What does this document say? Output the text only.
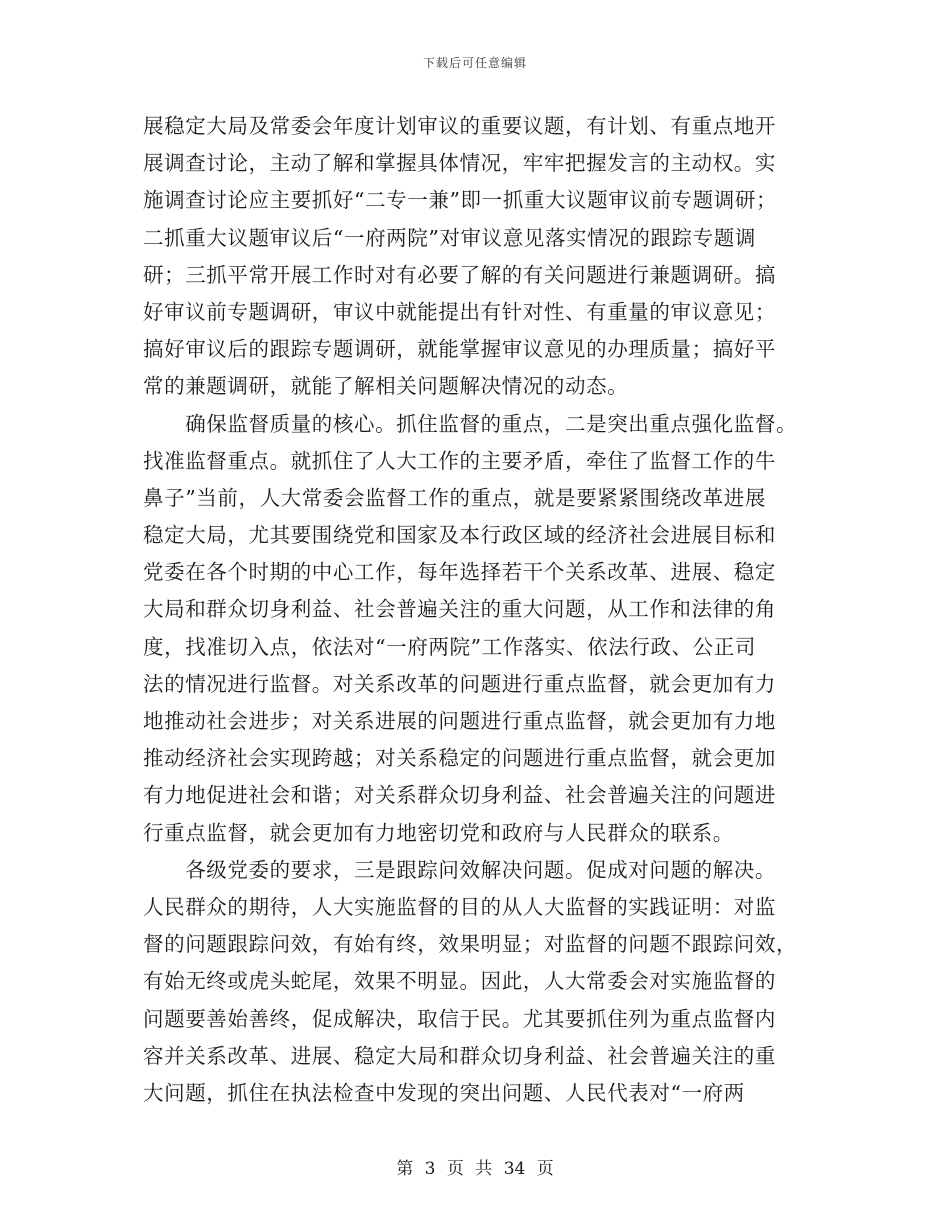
下载后可任意编辑
展稳定大局及常委会年度计划审议的重要议题，有计划、有重点地开
展调查讨论，主动了解和掌握具体情况，牢牢把握发言的主动权。实
施调查讨论应主要抓好“二专一兼”即一抓重大议题审议前专题调研；
二抓重大议题审议后“一府两院”对审议意见落实情况的跟踪专题调
研；三抓平常开展工作时对有必要了解的有关问题进行兼题调研。搞
好审议前专题调研，审议中就能提出有针对性、有重量的审议意见；
搞好审议后的跟踪专题调研，就能掌握审议意见的办理质量；搞好平
常的兼题调研，就能了解相关问题解决情况的动态。
　　确保监督质量的核心。抓住监督的重点，二是突出重点强化监督。
找准监督重点。就抓住了人大工作的主要矛盾，牵住了监督工作的牛
鼻子”当前，人大常委会监督工作的重点，就是要紧紧围绕改革进展
稳定大局，尤其要围绕党和国家及本行政区域的经济社会进展目标和
党委在各个时期的中心工作，每年选择若干个关系改革、进展、稳定
大局和群众切身利益、社会普遍关注的重大问题，从工作和法律的角
度，找准切入点，依法对“一府两院”工作落实、依法行政、公正司
法的情况进行监督。对关系改革的问题进行重点监督，就会更加有力
地推动社会进步；对关系进展的问题进行重点监督，就会更加有力地
推动经济社会实现跨越；对关系稳定的问题进行重点监督，就会更加
有力地促进社会和谐；对关系群众切身利益、社会普遍关注的问题进
行重点监督，就会更加有力地密切党和政府与人民群众的联系。
　　各级党委的要求，三是跟踪问效解决问题。促成对问题的解决。
人民群众的期待，人大实施监督的目的从人大监督的实践证明：对监
督的问题跟踪问效，有始有终，效果明显；对监督的问题不跟踪问效，
有始无终或虎头蛇尾，效果不明显。因此，人大常委会对实施监督的
问题要善始善终，促成解决，取信于民。尤其要抓住列为重点监督内
容并关系改革、进展、稳定大局和群众切身利益、社会普遍关注的重
大问题，抓住在执法检查中发现的突出问题、人民代表对“一府两
第 3 页 共 34 页
